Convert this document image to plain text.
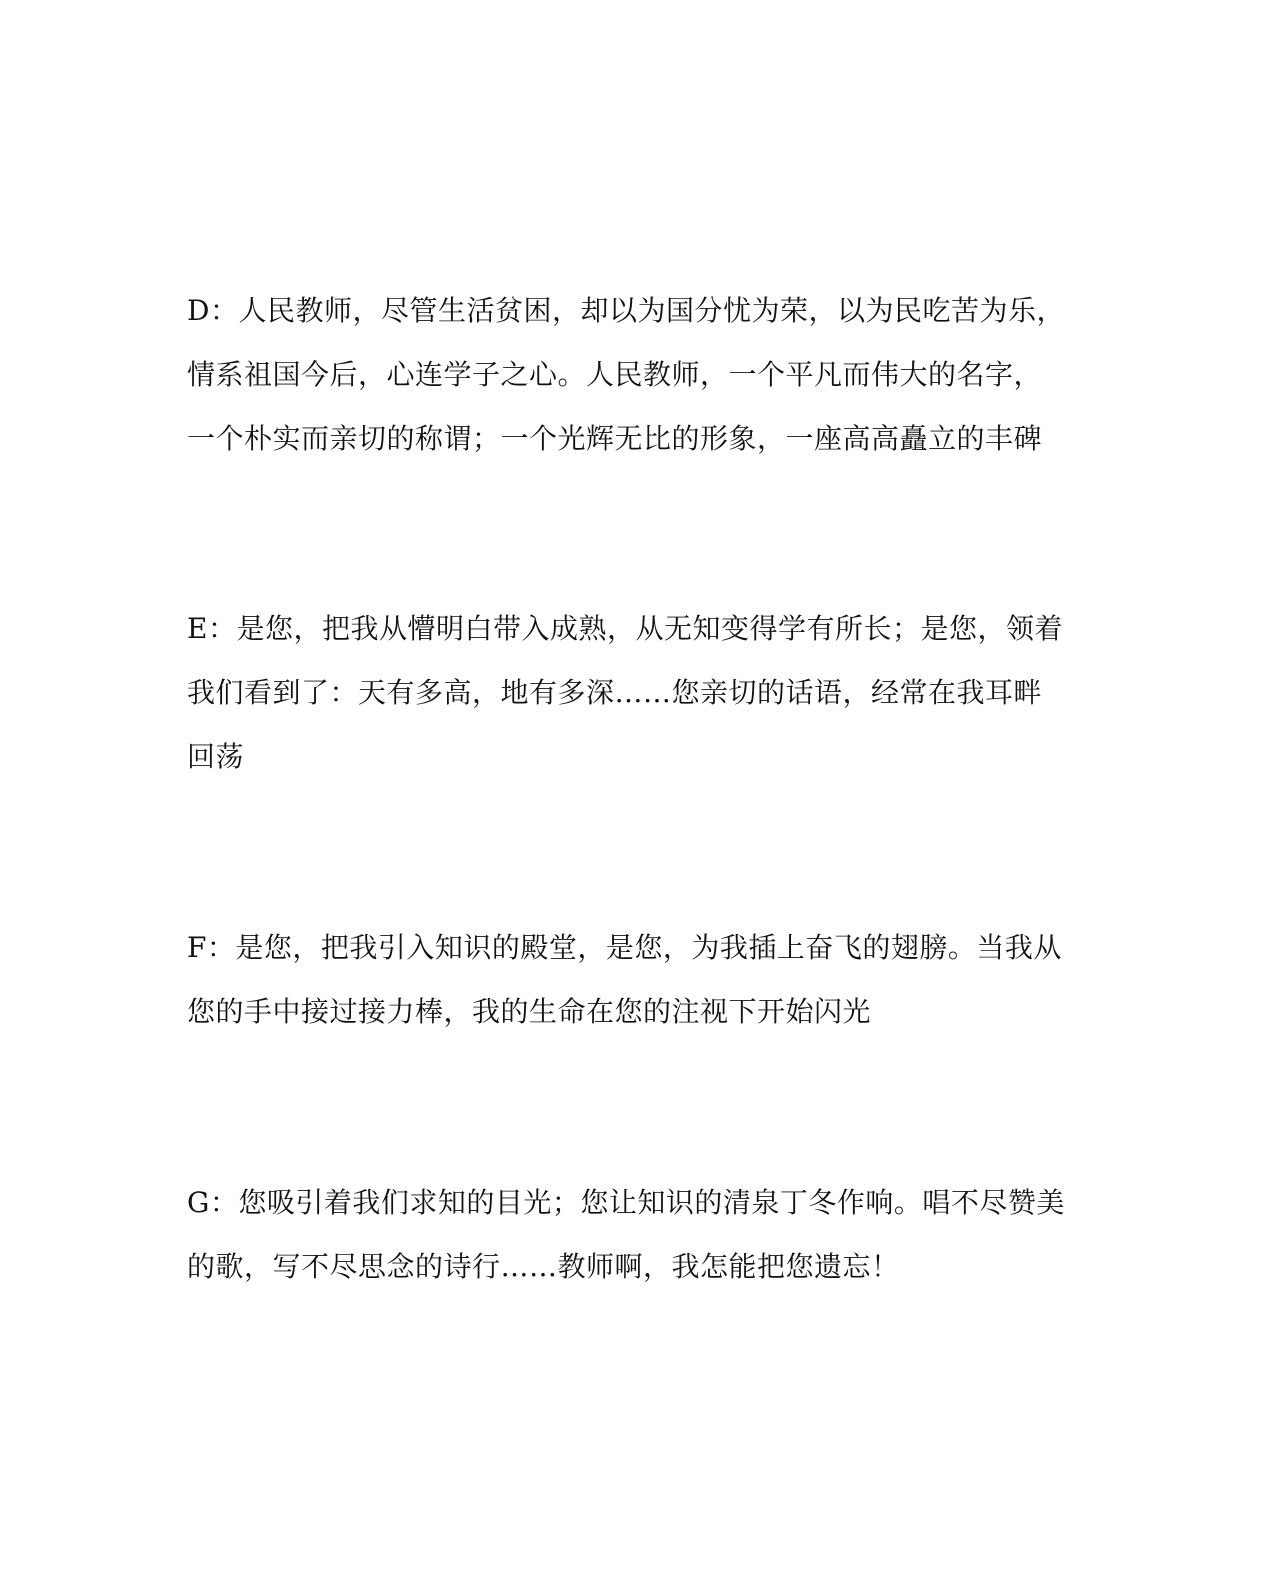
D：人民教师，尽管生活贫困，却以为国分忧为荣，以为民吃苦为乐，
情系祖国今后，心连学子之心。人民教师，一个平凡而伟大的名字，
一个朴实而亲切的称谓；一个光辉无比的形象，一座高高矗立的丰碑
E：是您，把我从懵明白带入成熟，从无知变得学有所长；是您，领着
我们看到了：天有多高，地有多深……您亲切的话语，经常在我耳畔
回荡
F：是您，把我引入知识的殿堂，是您，为我插上奋飞的翅膀。当我从
您的手中接过接力棒，我的生命在您的注视下开始闪光
G：您吸引着我们求知的目光；您让知识的清泉丁冬作响。唱不尽赞美
的歌，写不尽思念的诗行……教师啊，我怎能把您遗忘！
